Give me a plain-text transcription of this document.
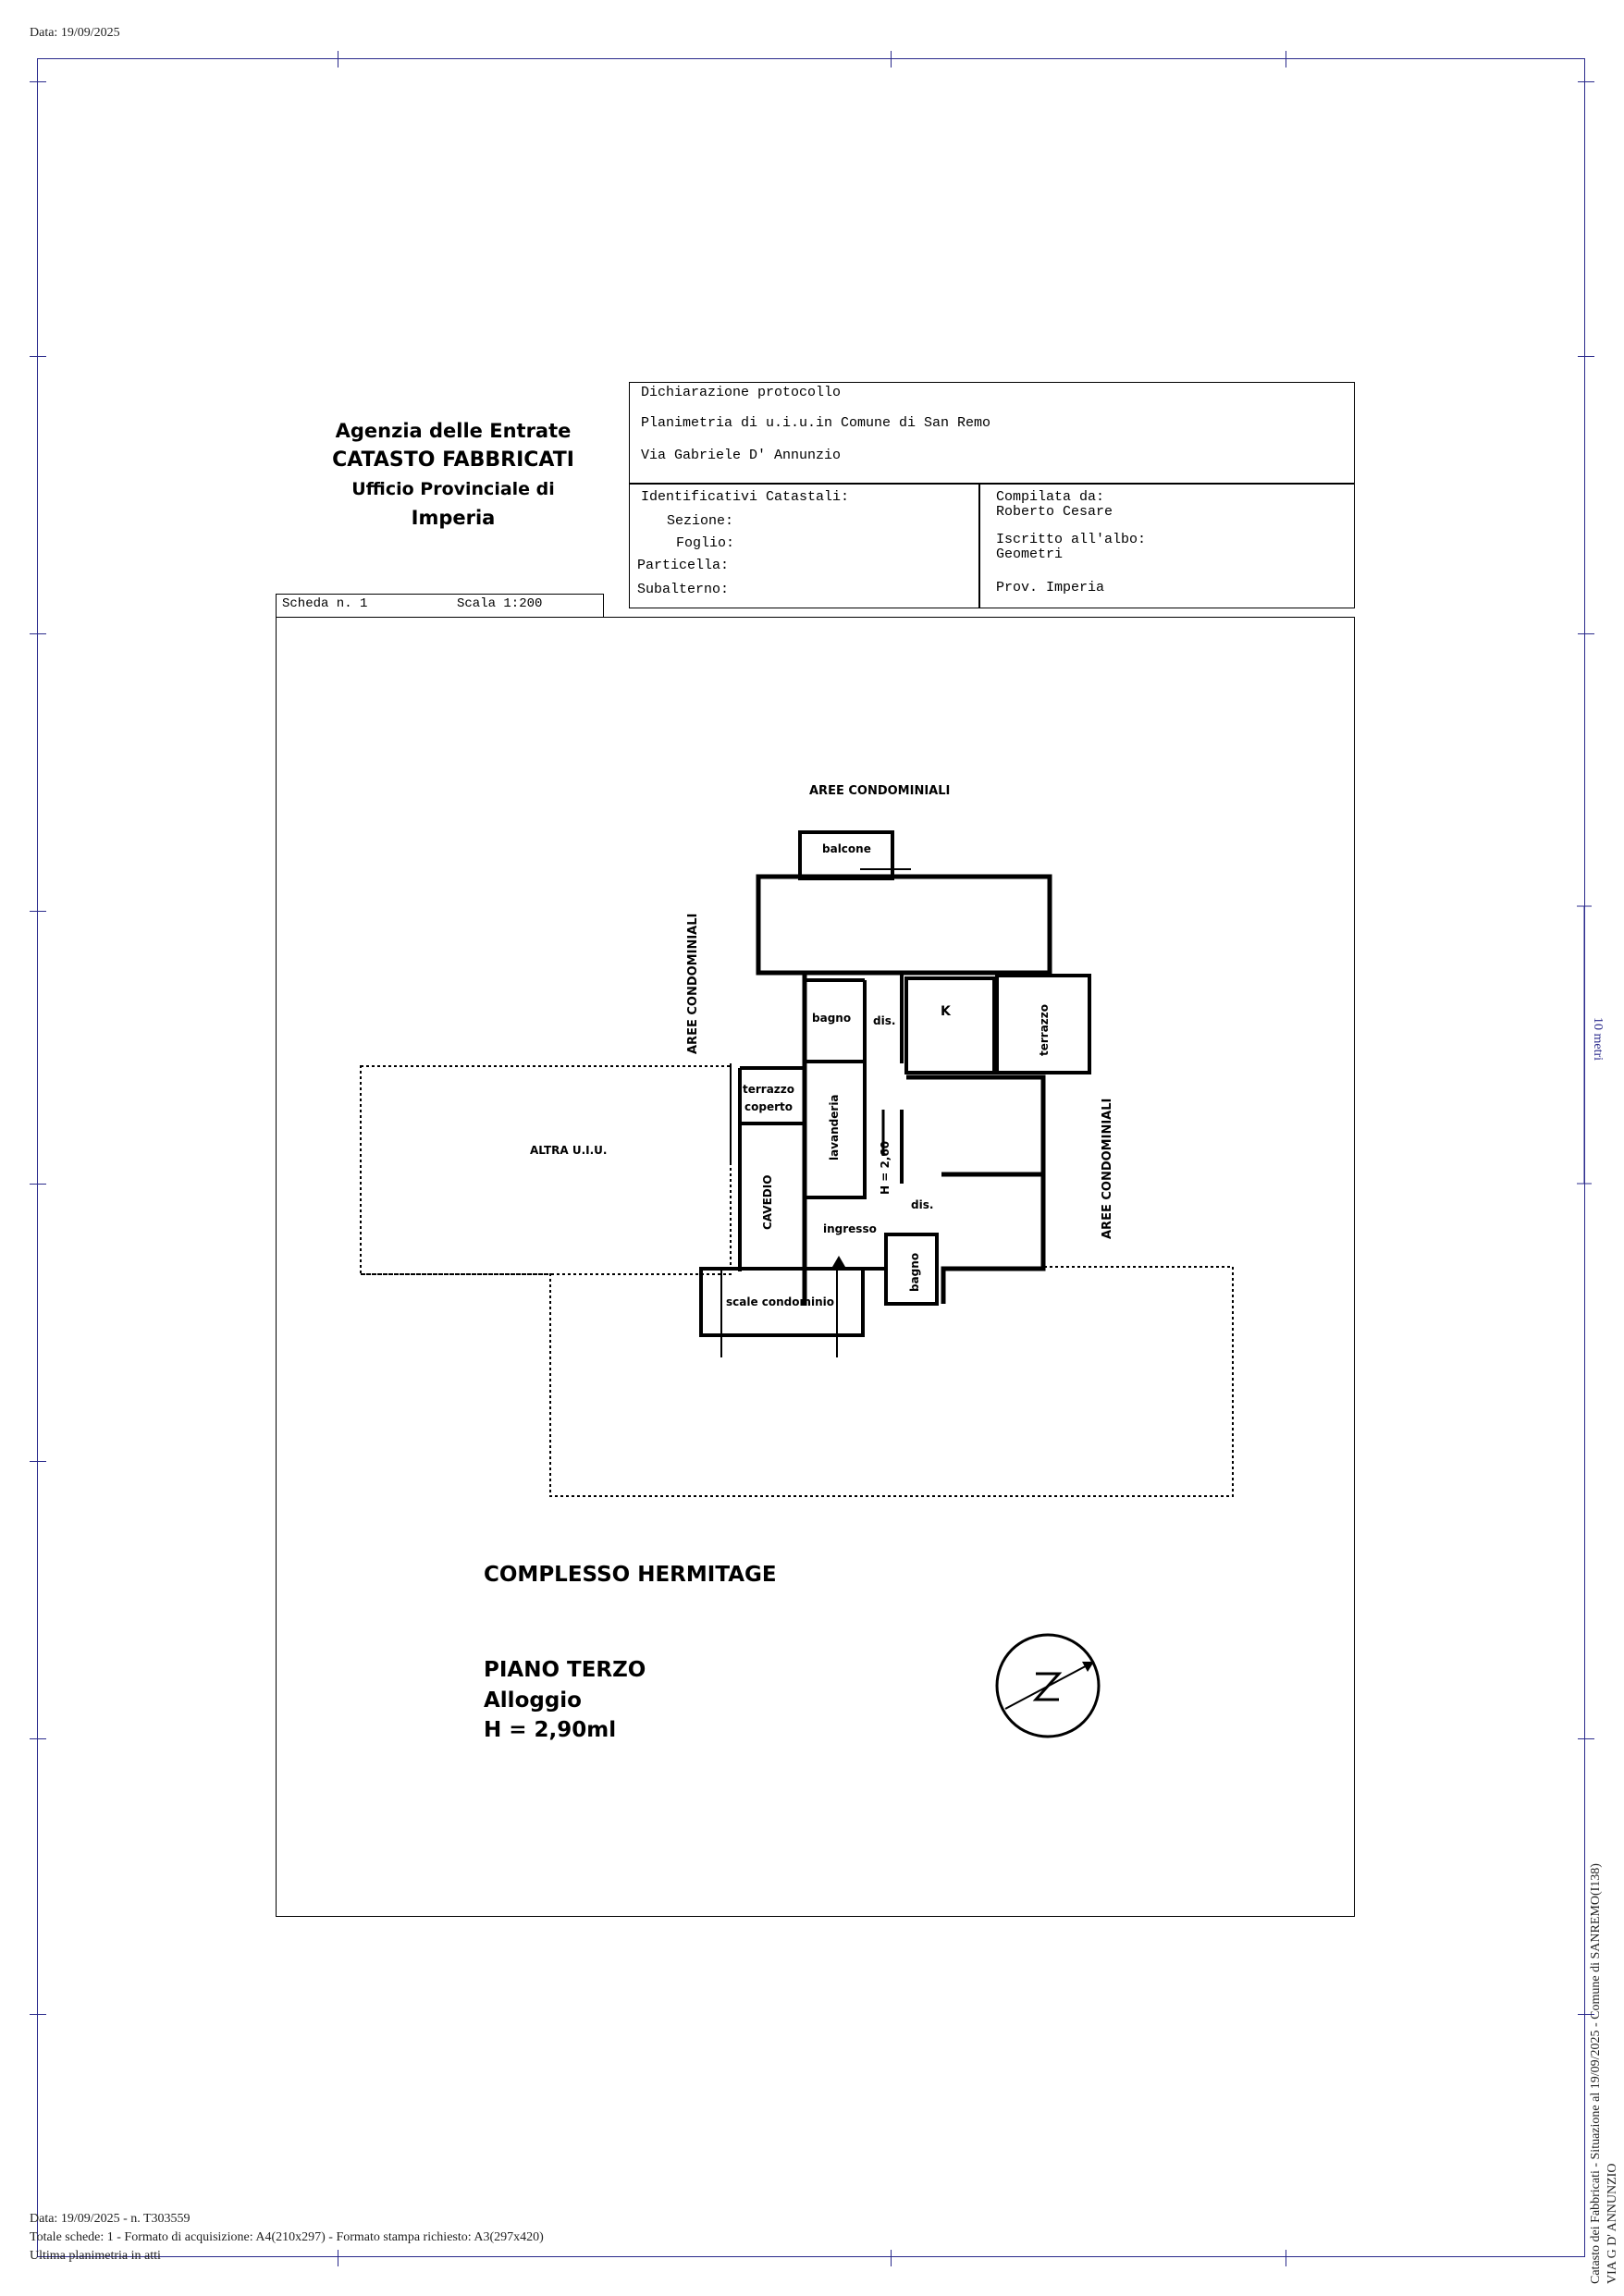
Data: 19/09/2025
Agenzia delle Entrate
CATASTO FABBRICATI
Ufficio Provinciale di
Imperia
Dichiarazione protocollo
Planimetria di u.i.u.in Comune di San Remo
Via Gabriele D' Annunzio
Identificativi Catastali:
Sezione:
Foglio:
Particella:
Subalterno:
Compilata da:
Roberto Cesare
Iscritto all'albo:
Geometri
Prov. Imperia
Scheda n. 1	Scala 1:200
AREE CONDOMINIALI
AREE CONDOMINIALI
AREE CONDOMINIALI
balcone
bagno dis.
K	terrazzo
terrazzo
coperto	lavanderia
H = 2,60
dis.
ALTRA U.I.U.
CAVEDIO	ingresso
bagno
scale condominio
COMPLESSO HERMITAGE
PIANO TERZO
Alloggio
H = 2,90ml
10 metri
Catasto dei Fabbricati - Situazione al 19/09/2025 - Comune di SANREMO(I138) VIA G D' ANNUNZIO
Data: 19/09/2025 - n. T303559
Totale schede: 1 - Formato di acquisizione: A4(210x297) - Formato stampa richiesto: A3(297x420)
Ultima planimetria in atti
